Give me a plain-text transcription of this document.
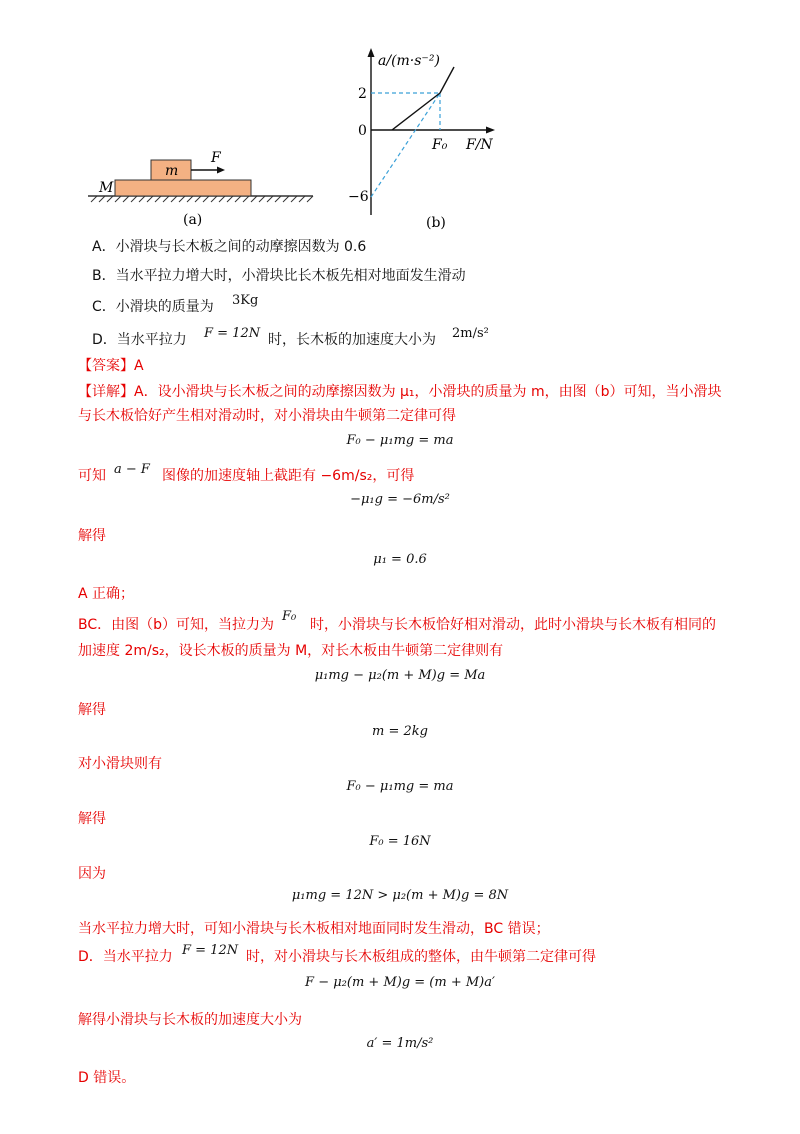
M
m
F
(a)
a/(m·s⁻²)
2
0
−6
F₀ F/N
(b)
A．小滑块与长木板之间的动摩擦因数为 0.6
B．当水平拉力增大时，小滑块比长木板先相对地面发生滑动
C．小滑块的质量为 3Kg
D．当水平拉力 F = 12N 时，长木板的加速度大小为 2m/s²
【答案】A
【详解】A．设小滑块与长木板之间的动摩擦因数为 μ₁，小滑块的质量为 m，由图（b）可知，当小滑块
与长木板恰好产生相对滑动时，对小滑块由牛顿第二定律可得
F₀ − μ₁mg = ma
可知 a − F 图像的加速度轴上截距有 −6m/s₂，可得
−μ₁g = −6m/s²
解得
μ₁ = 0.6
A 正确；
BC．由图（b）可知，当拉力为
F₀
时，小滑块与长木板恰好相对滑动，此时小滑块与长木板有相同的
加速度 2m/s₂，设长木板的质量为 M，对长木板由牛顿第二定律则有
μ₁mg − μ₂(m + M)g = Ma
解得
m = 2kg
对小滑块则有
F₀ − μ₁mg = ma
解得
F₀ = 16N
因为
μ₁mg = 12N > μ₂(m + M)g = 8N
当水平拉力增大时，可知小滑块与长木板相对地面同时发生滑动，BC 错误；
D．当水平拉力 F = 12N 时，对小滑块与长木板组成的整体，由牛顿第二定律可得
F − μ₂(m + M)g = (m + M)a′
解得小滑块与长木板的加速度大小为
a′ = 1m/s²
D 错误。
